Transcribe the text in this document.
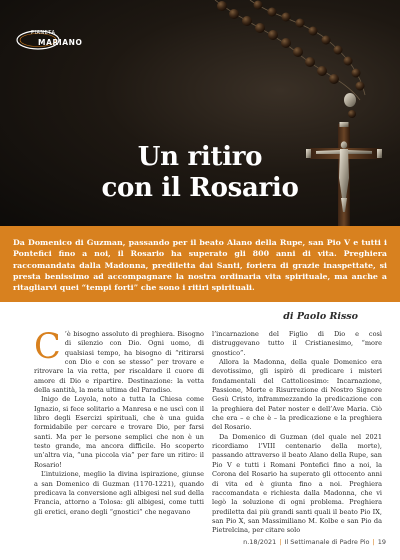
PIANETA
MARIANO
Un ritiro
con il Rosario
Da Domenico di Guzman, passando per il beato Alano della Rupe, san Pio V e tutti i Pontefici fino a noi, il Rosario ha superato gli 800 anni di vita. Preghiera raccomandata dalla Madonna, prediletta dai Santi, foriera di grazie inaspettate, si presta benissimo ad accompagnare la nostra ordinaria vita spirituale, ma anche a ritagliarvi quei “tempi forti” che sono i ritiri spirituali.
di Paolo Risso

C ’è bisogno assoluto di preghiera. Bisogno di silenzio con Dio. Ogni uomo, di qualsiasi tempo, ha bisogno di “ritirarsi con Dio e con se stesso” per trovare e ritrovare la via retta, per riscaldare il cuore di amore di Dio e ripartire. Destinazione: la vetta della santità, la meta ultima del Paradiso.

Inigo de Loyola, noto a tutta la Chiesa come Ignazio, si fece solitario a Manresa e ne uscì con il libro degli Esercizi spirituali, che è una guida formidabile per cercare e trovare Dio, per farsi santi. Ma per le persone semplici che non è un testo grande, ma ancora difficile. Ho scoperto un’altra via, “una piccola via” per fare un ritiro: il Rosario!

L’intuizione, meglio la divina ispirazione, giunse a san Domenico di Guzman (1170-1221), quando predicava la conversione agli albigesi nel sud della Francia, attorno a Tolosa: gli albigesi, come tutti gli eretici, erano degli “gnostici” che negavano

l’incarnazione del Figlio di Dio e così distruggevano tutto il Cristianesimo, “more gnostico”.

Allora la Madonna, della quale Domenico era devotissimo, gli ispirò di predicare i misteri fondamentali del Cattolicesimo: Incarnazione, Passione, Morte e Risurrezione di Nostro Signore Gesù Cristo, inframmezzando la predicazione con la preghiera del Pater noster e dell’Ave Maria. Ciò che era – e che è – la predicazione e la preghiera del Rosario.

Da Domenico di Guzman (del quale nel 2021 ricordiamo l’VIII centenario della morte), passando attraverso il beato Alano della Rupe, san Pio V e tutti i Romani Pontefici fino a noi, la Corona del Rosario ha superato gli ottocento anni di vita ed è giunta fino a noi. Preghiera raccomandata e richiesta dalla Madonna, che vi legò la soluzione di ogni problema. Preghiera prediletta dai più grandi santi quali il beato Pio IX, san Pio X, san Massimiliano M. Kolbe e san Pio da Pietrelcina, per citare solo

n.18/2021 | Il Settimanale di Padre Pio | 19
